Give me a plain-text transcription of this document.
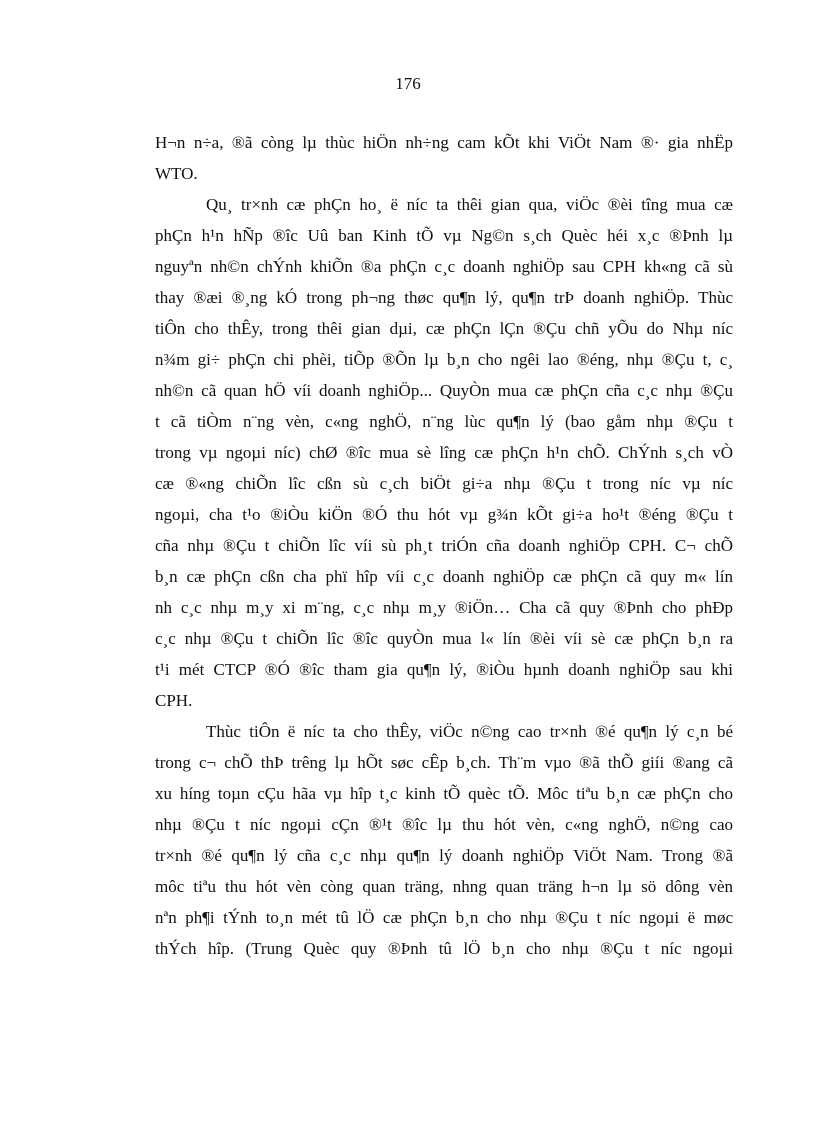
176
H¬n n÷a, ®ã còng lµ thùc hiÖn nh÷ng cam kÕt khi ViÖt Nam ®· gia nhËp
WTO.
Qu¸ tr×nh cæ phÇn ho¸ ë níc ta thêi gian qua, viÖc ®èi tîng mua cæ
phÇn h¹n hÑp ®îc Uû ban Kinh tÕ vµ Ng©n s¸ch Quèc héi x¸c ®Þnh lµ
nguyªn nh©n chÝnh khiÕn ®a phÇn c¸c doanh nghiÖp sau CPH kh«ng cã sù
thay ®æi ®¸ng kÓ trong ph¬ng thøc qu¶n lý, qu¶n trÞ doanh nghiÖp. Thùc
tiÔn cho thÊy, trong thêi gian dµi, cæ phÇn lÇn ®Çu chñ yÕu do Nhµ níc
n¾m gi÷ phÇn chi phèi, tiÕp ®Õn lµ b¸n cho ngêi lao ®éng, nhµ ®Çu t, c¸
nh©n cã quan hÖ víi doanh nghiÖp... QuyÒn mua cæ phÇn cña c¸c nhµ ®Çu
t cã tiÒm n¨ng vèn, c«ng nghÖ, n¨ng lùc qu¶n lý (bao gåm nhµ ®Çu t
trong vµ ngoµi níc) chØ ®îc mua sè lîng cæ phÇn h¹n chÕ. ChÝnh s¸ch vÒ
cæ ®«ng chiÕn lîc cßn sù c¸ch biÖt gi÷a nhµ ®Çu t trong níc vµ níc
ngoµi, cha t¹o ®iÒu kiÖn ®Ó thu hót vµ g¾n kÕt gi÷a ho¹t ®éng ®Çu t
cña nhµ ®Çu t chiÕn lîc víi sù ph¸t triÓn cña doanh nghiÖp CPH. C¬ chÕ
b¸n cæ phÇn cßn cha phï hîp víi c¸c doanh nghiÖp cæ phÇn cã quy m« lín
nh c¸c nhµ m¸y xi m¨ng, c¸c nhµ m¸y ®iÖn… Cha cã quy ®Þnh cho phÐp
c¸c nhµ ®Çu t chiÕn lîc ®îc quyÒn mua l« lín ®èi víi sè cæ phÇn b¸n ra
t¹i mét CTCP ®Ó ®îc tham gia qu¶n lý, ®iÒu hµnh doanh nghiÖp sau khi
CPH.
Thùc tiÔn ë níc ta cho thÊy, viÖc n©ng cao tr×nh ®é qu¶n lý c¸n bé
trong c¬ chÕ thÞ trêng lµ hÕt søc cÊp b¸ch. Th¨m vµo ®ã thÕ giíi ®ang cã
xu híng toµn cÇu hãa vµ hîp t¸c kinh tÕ quèc tÕ. Môc tiªu b¸n cæ phÇn cho
nhµ ®Çu t níc ngoµi cÇn ®¹t ®îc lµ thu hót vèn, c«ng nghÖ, n©ng cao
tr×nh ®é qu¶n lý cña c¸c nhµ qu¶n lý doanh nghiÖp ViÖt Nam. Trong ®ã
môc tiªu thu hót vèn còng quan träng, nhng quan träng h¬n lµ sö dông vèn
nªn ph¶i tÝnh to¸n mét tû lÖ cæ phÇn b¸n cho nhµ ®Çu t níc ngoµi ë møc
thÝch hîp. (Trung Quèc quy ®Þnh tû lÖ b¸n cho nhµ ®Çu t níc ngoµi
